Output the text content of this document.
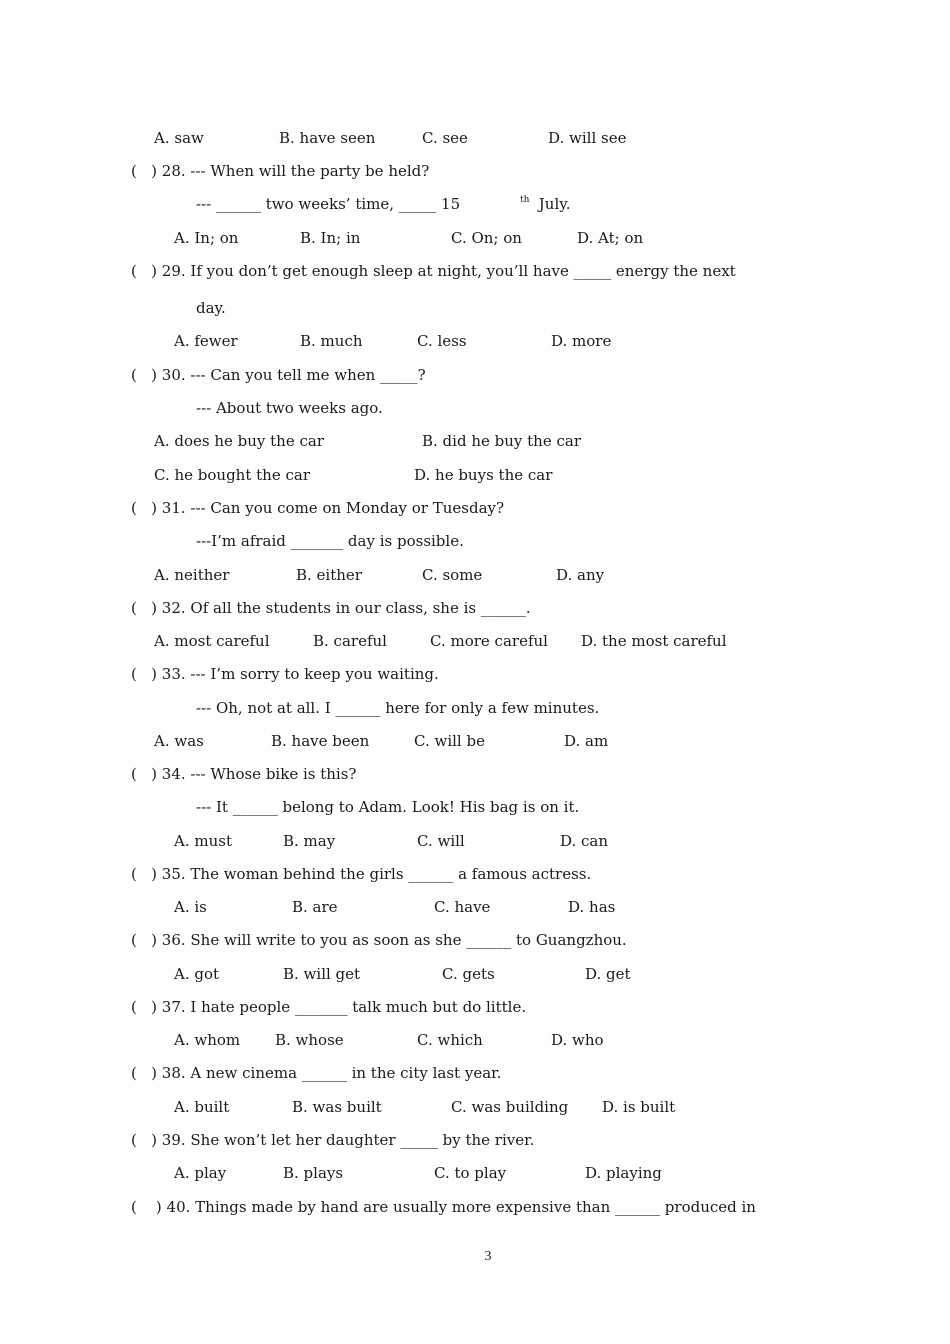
A. saw	B. have seen	C. see	D. will see
(   ) 28. --- When will the party be held?
--- ______ two weeks’ time, _____ 15	th July.
A. In; on	B. In; in	C. On; on	D. At; on
(   ) 29. If you don’t get enough sleep at night, you’ll have _____ energy the next
day.
A. fewer	B. much	C. less	D. more
(   ) 30. --- Can you tell me when _____?
--- About two weeks ago.
A. does he buy the car	B. did he buy the car
C. he bought the car	D. he buys the car
(   ) 31. --- Can you come on Monday or Tuesday?
---I’m afraid _______ day is possible.
A. neither	B. either	C. some	D. any
(   ) 32. Of all the students in our class, she is ______.
A. most careful	B. careful	C. more careful D. the most careful
(   ) 33. --- I’m sorry to keep you waiting.
--- Oh, not at all. I ______ here for only a few minutes.
A. was	B. have been	C. will be	D. am
(   ) 34. --- Whose bike is this?
--- It ______ belong to Adam. Look! His bag is on it.
A. must	B. may	C. will	D. can
(   ) 35. The woman behind the girls ______ a famous actress.
A. is	B. are	C. have	D. has
(   ) 36. She will write to you as soon as she ______ to Guangzhou.
A. got	B. will get	C. gets	D. get
(   ) 37. I hate people _______ talk much but do little.
A. whom B. whose	C. which	D. who
(   ) 38. A new cinema ______ in the city last year.
A. built	B. was built	C. was building D. is built
(   ) 39. She won’t let her daughter _____ by the river.
A. play	B. plays	C. to play	D. playing
(    ) 40. Things made by hand are usually more expensive than ______ produced in
3
